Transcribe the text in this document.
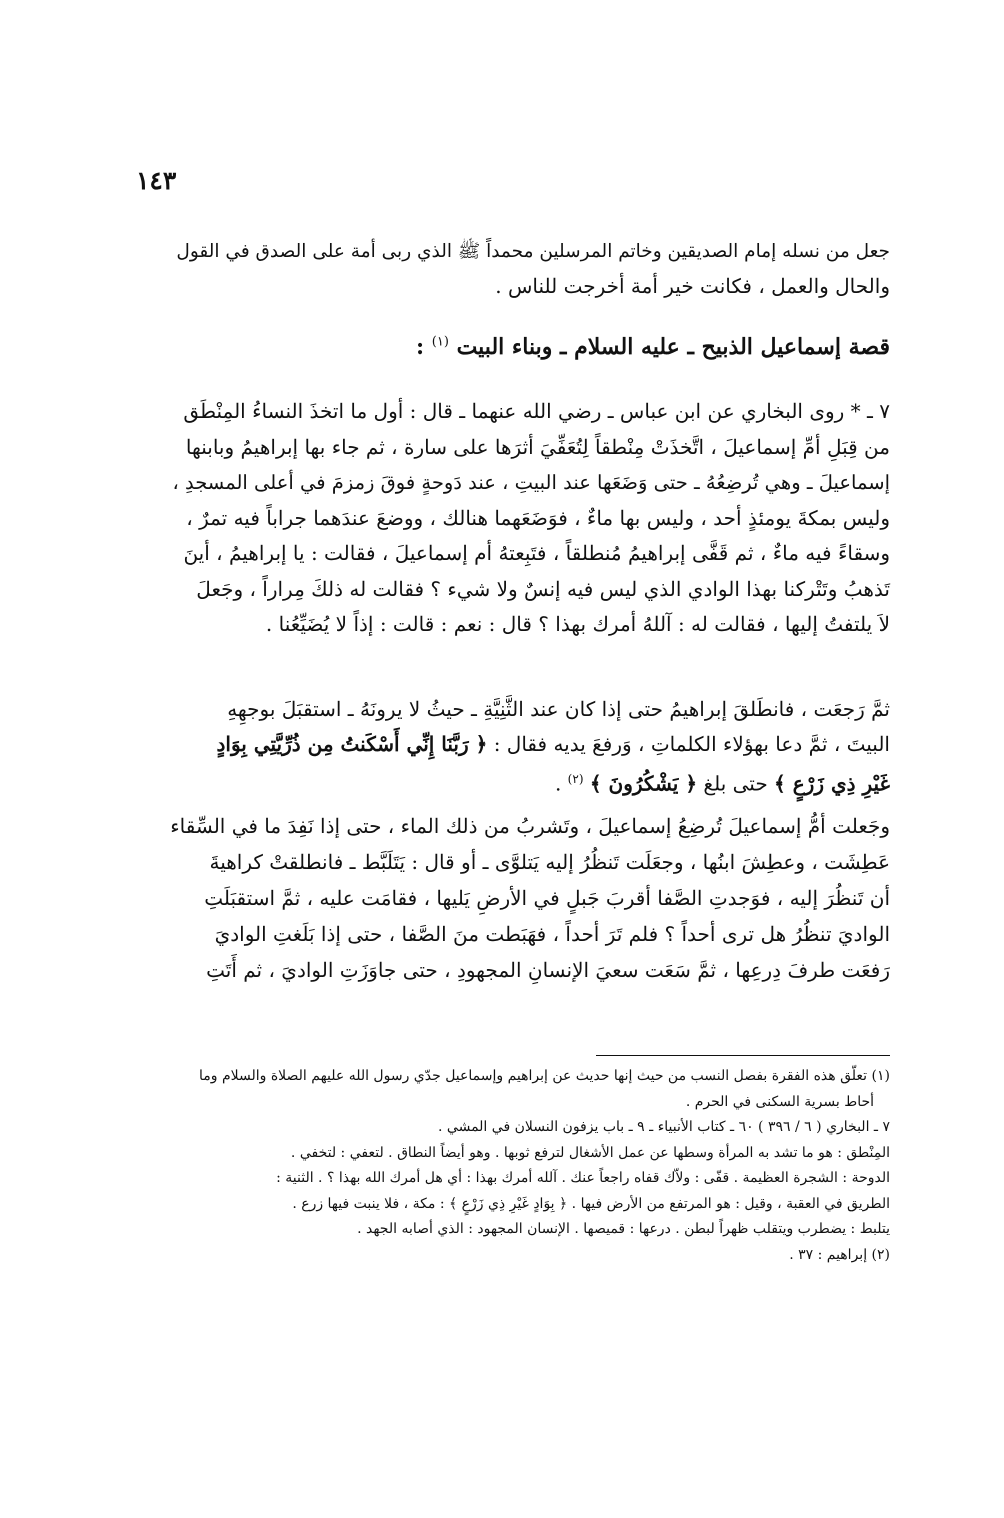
١٤٣
جعل من نسله إمام الصديقين وخاتم المرسلين محمداً ﷺ الذي ربى أمة على الصدق في القول
والحال والعمل ، فكانت خير أمة أخرجت للناس .
قصة إسماعيل الذبيح ـ عليه السلام ـ وبناء البيت $^{(١)}$ :
٧ ـ * روى البخاري عن ابن عباس ـ رضي الله عنهما ـ قال : أول ما اتخذَ النساءُ المِنْطَق
من قِبَلِ أمِّ إسماعيلَ ، اتَّخذَتْ مِنْطقاً لِتُعَفِّيَ أثرَها على سارة ، ثم جاء بها إبراهيمُ وبابنها
إسماعيلَ ـ وهي تُرضِعُهُ ـ حتى وَضَعَها عند البيتِ ، عند دَوحةٍ فوقَ زمزمَ في أعلى المسجدِ ،
وليس بمكةَ يومئذٍ أحد ، وليس بها ماءٌ ، فوَضَعَهما هنالك ، ووضعَ عندَهما جراباً فيه تمرٌ ،
وسقاءً فيه ماءٌ ، ثم قَفَّى إبراهيمُ مُنطلقاً ، فتَبِعتهُ أم إسماعيلَ ، فقالت : يا إبراهيمُ ، أينَ
تَذهبُ وتَتْركنا بهذا الوادي الذي ليس فيه إنسٌ ولا شيء ؟ فقالت له ذلكَ مِراراً ، وجَعلَ
لاَ يلتفتُ إليها ، فقالت له : آللهُ أمرك بهذا ؟ قال : نعم : قالت : إذاً لا يُضَيِّعُنا .
ثمَّ رَجعَت ، فانطَلقَ إبراهيمُ حتى إذا كان عند الثَّنِيَّةِ ـ حيثُ لا يرونَهُ ـ استقبَلَ بوجهِهِ
البيتَ ، ثمَّ دعا بهؤلاء الكلماتِ ، وَرفعَ يديه فقال : ﴿ رَبَّنَا إِنِّي أَسْكَنتُ مِن ذُرِّيَّتِي بِوَادٍ
غَيْرِ ذِي زَرْعٍ ﴾ حتى بلغ ﴿ يَشْكُرُونَ ﴾ $^{(٢)}$ .
وجَعلت أمُّ إسماعيلَ تُرضِعُ إسماعيلَ ، وتَشربُ من ذلك الماء ، حتى إذا نَفِدَ ما في السِّقاء
عَطِشَت ، وعطِشَ ابنُها ، وجعَلَت تَنظُرُ إليه يَتلوَّى ـ أو قال : يَتَلَبَّط ـ فانطلقتْ كراهيةَ
أن تَنظُرَ إليه ، فوَجدتِ الصَّفا أقربَ جَبلٍ في الأرضِ يَليها ، فقامَت عليه ، ثمَّ استقبَلَتِ
الواديَ تنظُرُ هل ترى أحداً ؟ فلم تَرَ أحداً ، فهَبَطت منَ الصَّفا ، حتى إذا بَلَغتِ الواديَ
رَفعَت طرفَ دِرعِها ، ثمَّ سَعَت سعيَ الإنسانِ المجهودِ ، حتى جاوَزَتِ الواديَ ، ثم أَتَتِ
(١) تعلّق هذه الفقرة بفصل النسب من حيث إنها حديث عن إبراهيم وإسماعيل جدّي رسول الله عليهم الصلاة والسلام وما
أحاط بسرية السكنى في الحرم .
٧ ـ البخاري ( ٦ / ٣٩٦ ) ٦٠ ـ كتاب الأنبياء ـ ٩ ـ باب يزفون النسلان في المشي .
المِنْطق : هو ما تشد به المرأة وسطها عن عمل الأشغال لترفع ثوبها . وهو أيضاً النطاق . لتعفي : لتخفي .
الدوحة : الشجرة العظيمة . قفّى : ولاّك قفاه راجعاً عنك . آلله أمرك بهذا : أي هل أمرك الله بهذا ؟ . الثنية :
الطريق في العقبة ، وقيل : هو المرتفع من الأرض فيها . ﴿ بِوَادٍ غَيْرِ ذِي زَرْعٍ ﴾ : مكة ، فلا ينبت فيها زرع .
يتلبط : يضطرب ويتقلب ظهراً لبطن . درعها : قميصها . الإنسان المجهود : الذي أصابه الجهد .
(٢) إبراهيم : ٣٧ .
